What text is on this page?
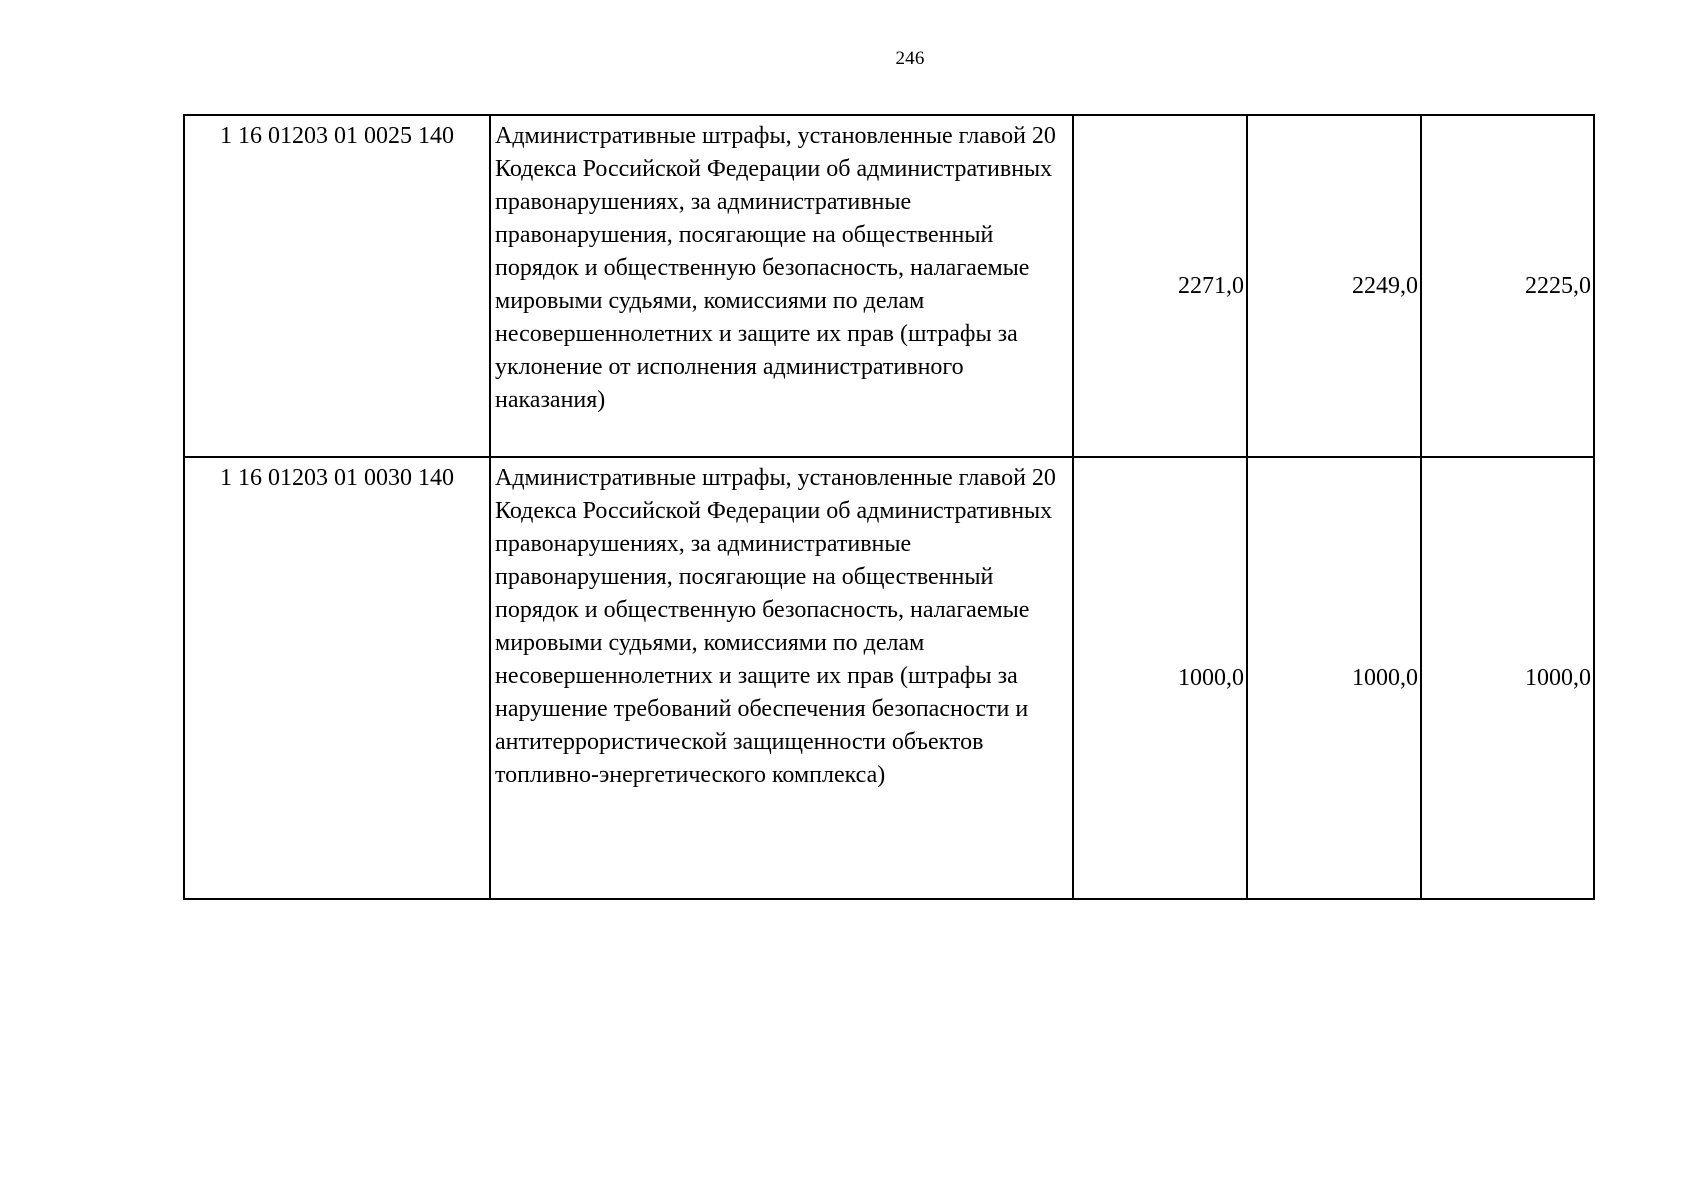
246
1 16 01203 01 0025 140	Административные штрафы, установленные главой 20 Кодекса Российской Федерации об административных правонарушениях, за административные правонарушения, посягающие на общественный порядок и общественную безопасность, налагаемые мировыми судьями, комиссиями по делам несовершеннолетних и защите их прав (штрафы за уклонение от исполнения административного наказания)	2271,0	2249,0	2225,0
1 16 01203 01 0030 140	Административные штрафы, установленные главой 20 Кодекса Российской Федерации об административных правонарушениях, за административные правонарушения, посягающие на общественный порядок и общественную безопасность, налагаемые мировыми судьями, комиссиями по делам несовершеннолетних и защите их прав (штрафы за нарушение требований обеспечения безопасности и антитеррористической защищенности объектов топливно-энергетического комплекса)	1000,0	1000,0	1000,0
